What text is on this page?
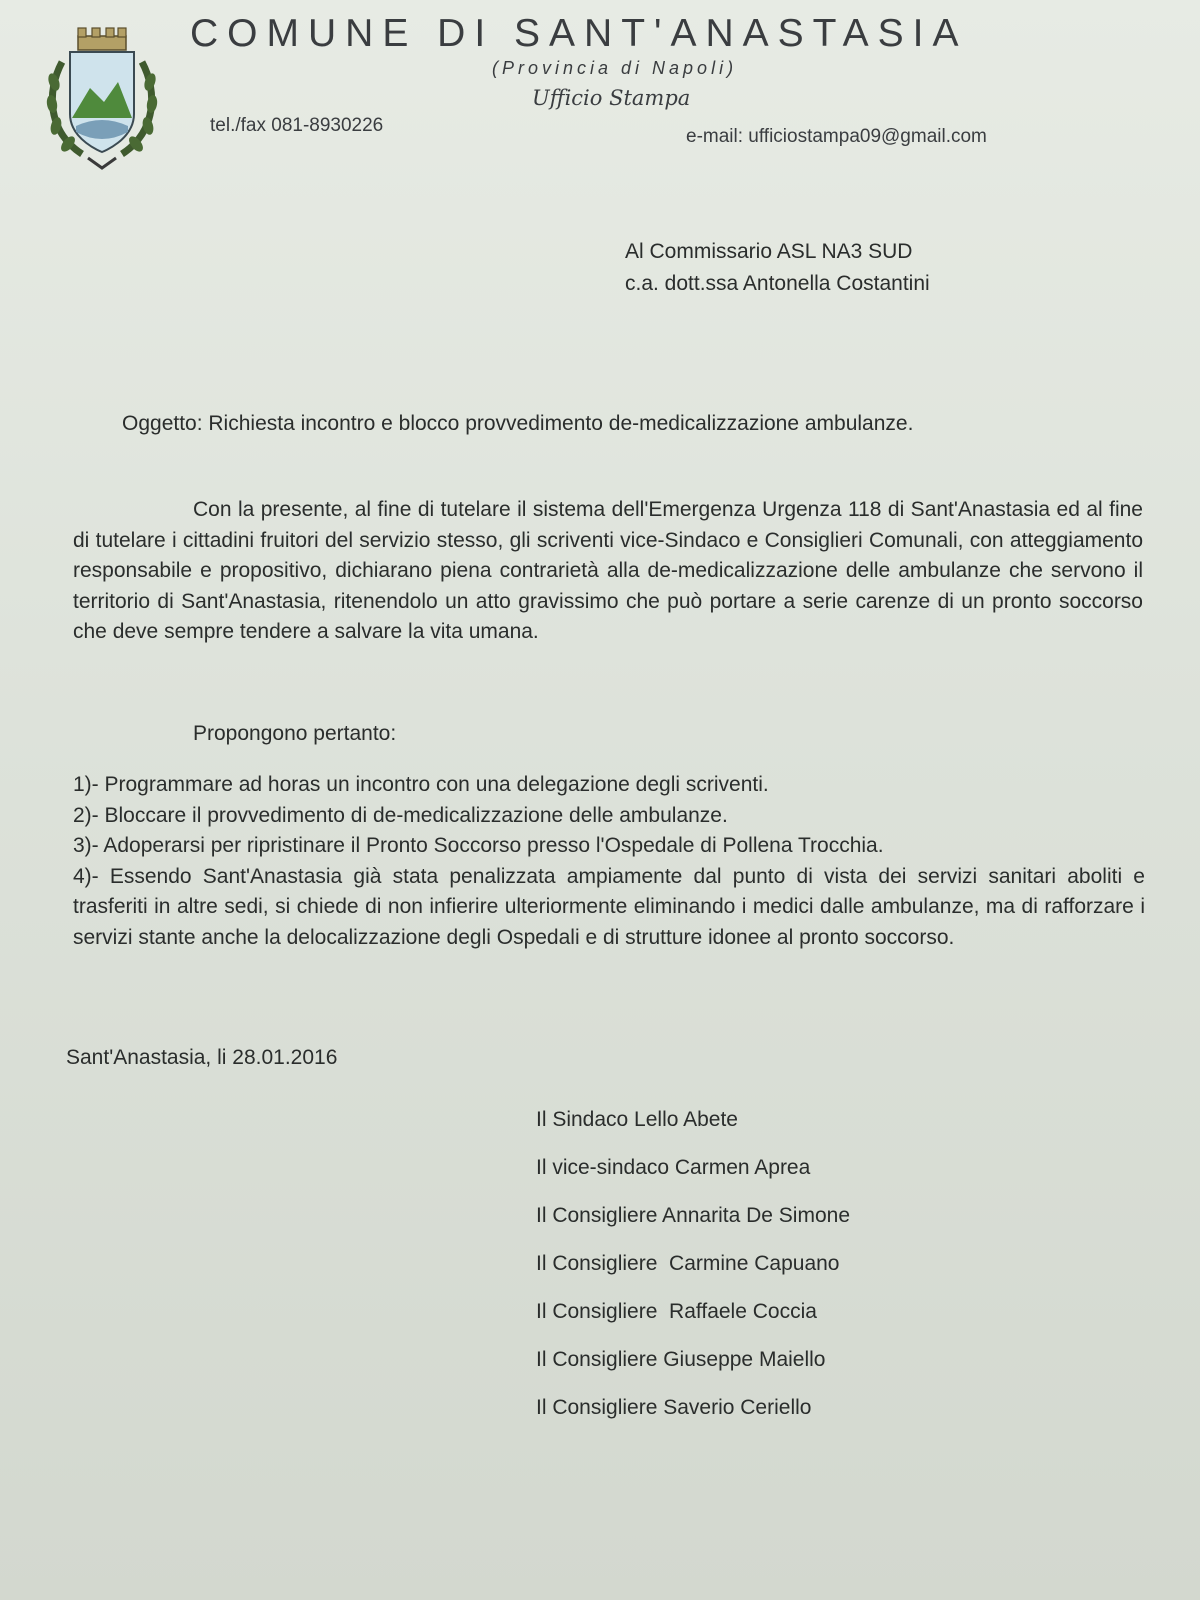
COMUNE DI SANT'ANASTASIA
(Provincia di Napoli)
Ufficio Stampa
tel./fax 081-8930226
e-mail: ufficiostampa09@gmail.com
Al Commissario ASL NA3 SUD
c.a. dott.ssa Antonella Costantini
Oggetto: Richiesta incontro e blocco provvedimento de-medicalizzazione ambulanze.

Con la presente, al fine di tutelare il sistema dell'Emergenza Urgenza 118 di Sant'Anastasia ed al fine di tutelare i cittadini fruitori del servizio stesso, gli scriventi vice-Sindaco e Consiglieri Comunali, con atteggiamento responsabile e propositivo, dichiarano piena contrarietà alla de-medicalizzazione delle ambulanze che servono il territorio di Sant'Anastasia, ritenendolo un atto gravissimo che può portare a serie carenze di un pronto soccorso che deve sempre tendere a salvare la vita umana.

Propongono pertanto:
1)- Programmare ad horas un incontro con una delegazione degli scriventi.
2)- Bloccare il provvedimento di de-medicalizzazione delle ambulanze.
3)- Adoperarsi per ripristinare il Pronto Soccorso presso l'Ospedale di Pollena Trocchia.
4)- Essendo Sant'Anastasia già stata penalizzata ampiamente dal punto di vista dei servizi sanitari aboliti e trasferiti in altre sedi, si chiede di non infierire ulteriormente eliminando i medici dalle ambulanze, ma di rafforzare i servizi stante anche la delocalizzazione degli Ospedali e di strutture idonee al pronto soccorso.
Sant'Anastasia, li 28.01.2016
Il Sindaco Lello Abete
Il vice-sindaco Carmen Aprea
Il Consigliere Annarita De Simone
Il Consigliere  Carmine Capuano
Il Consigliere  Raffaele Coccia
Il Consigliere Giuseppe Maiello
Il Consigliere Saverio Ceriello
